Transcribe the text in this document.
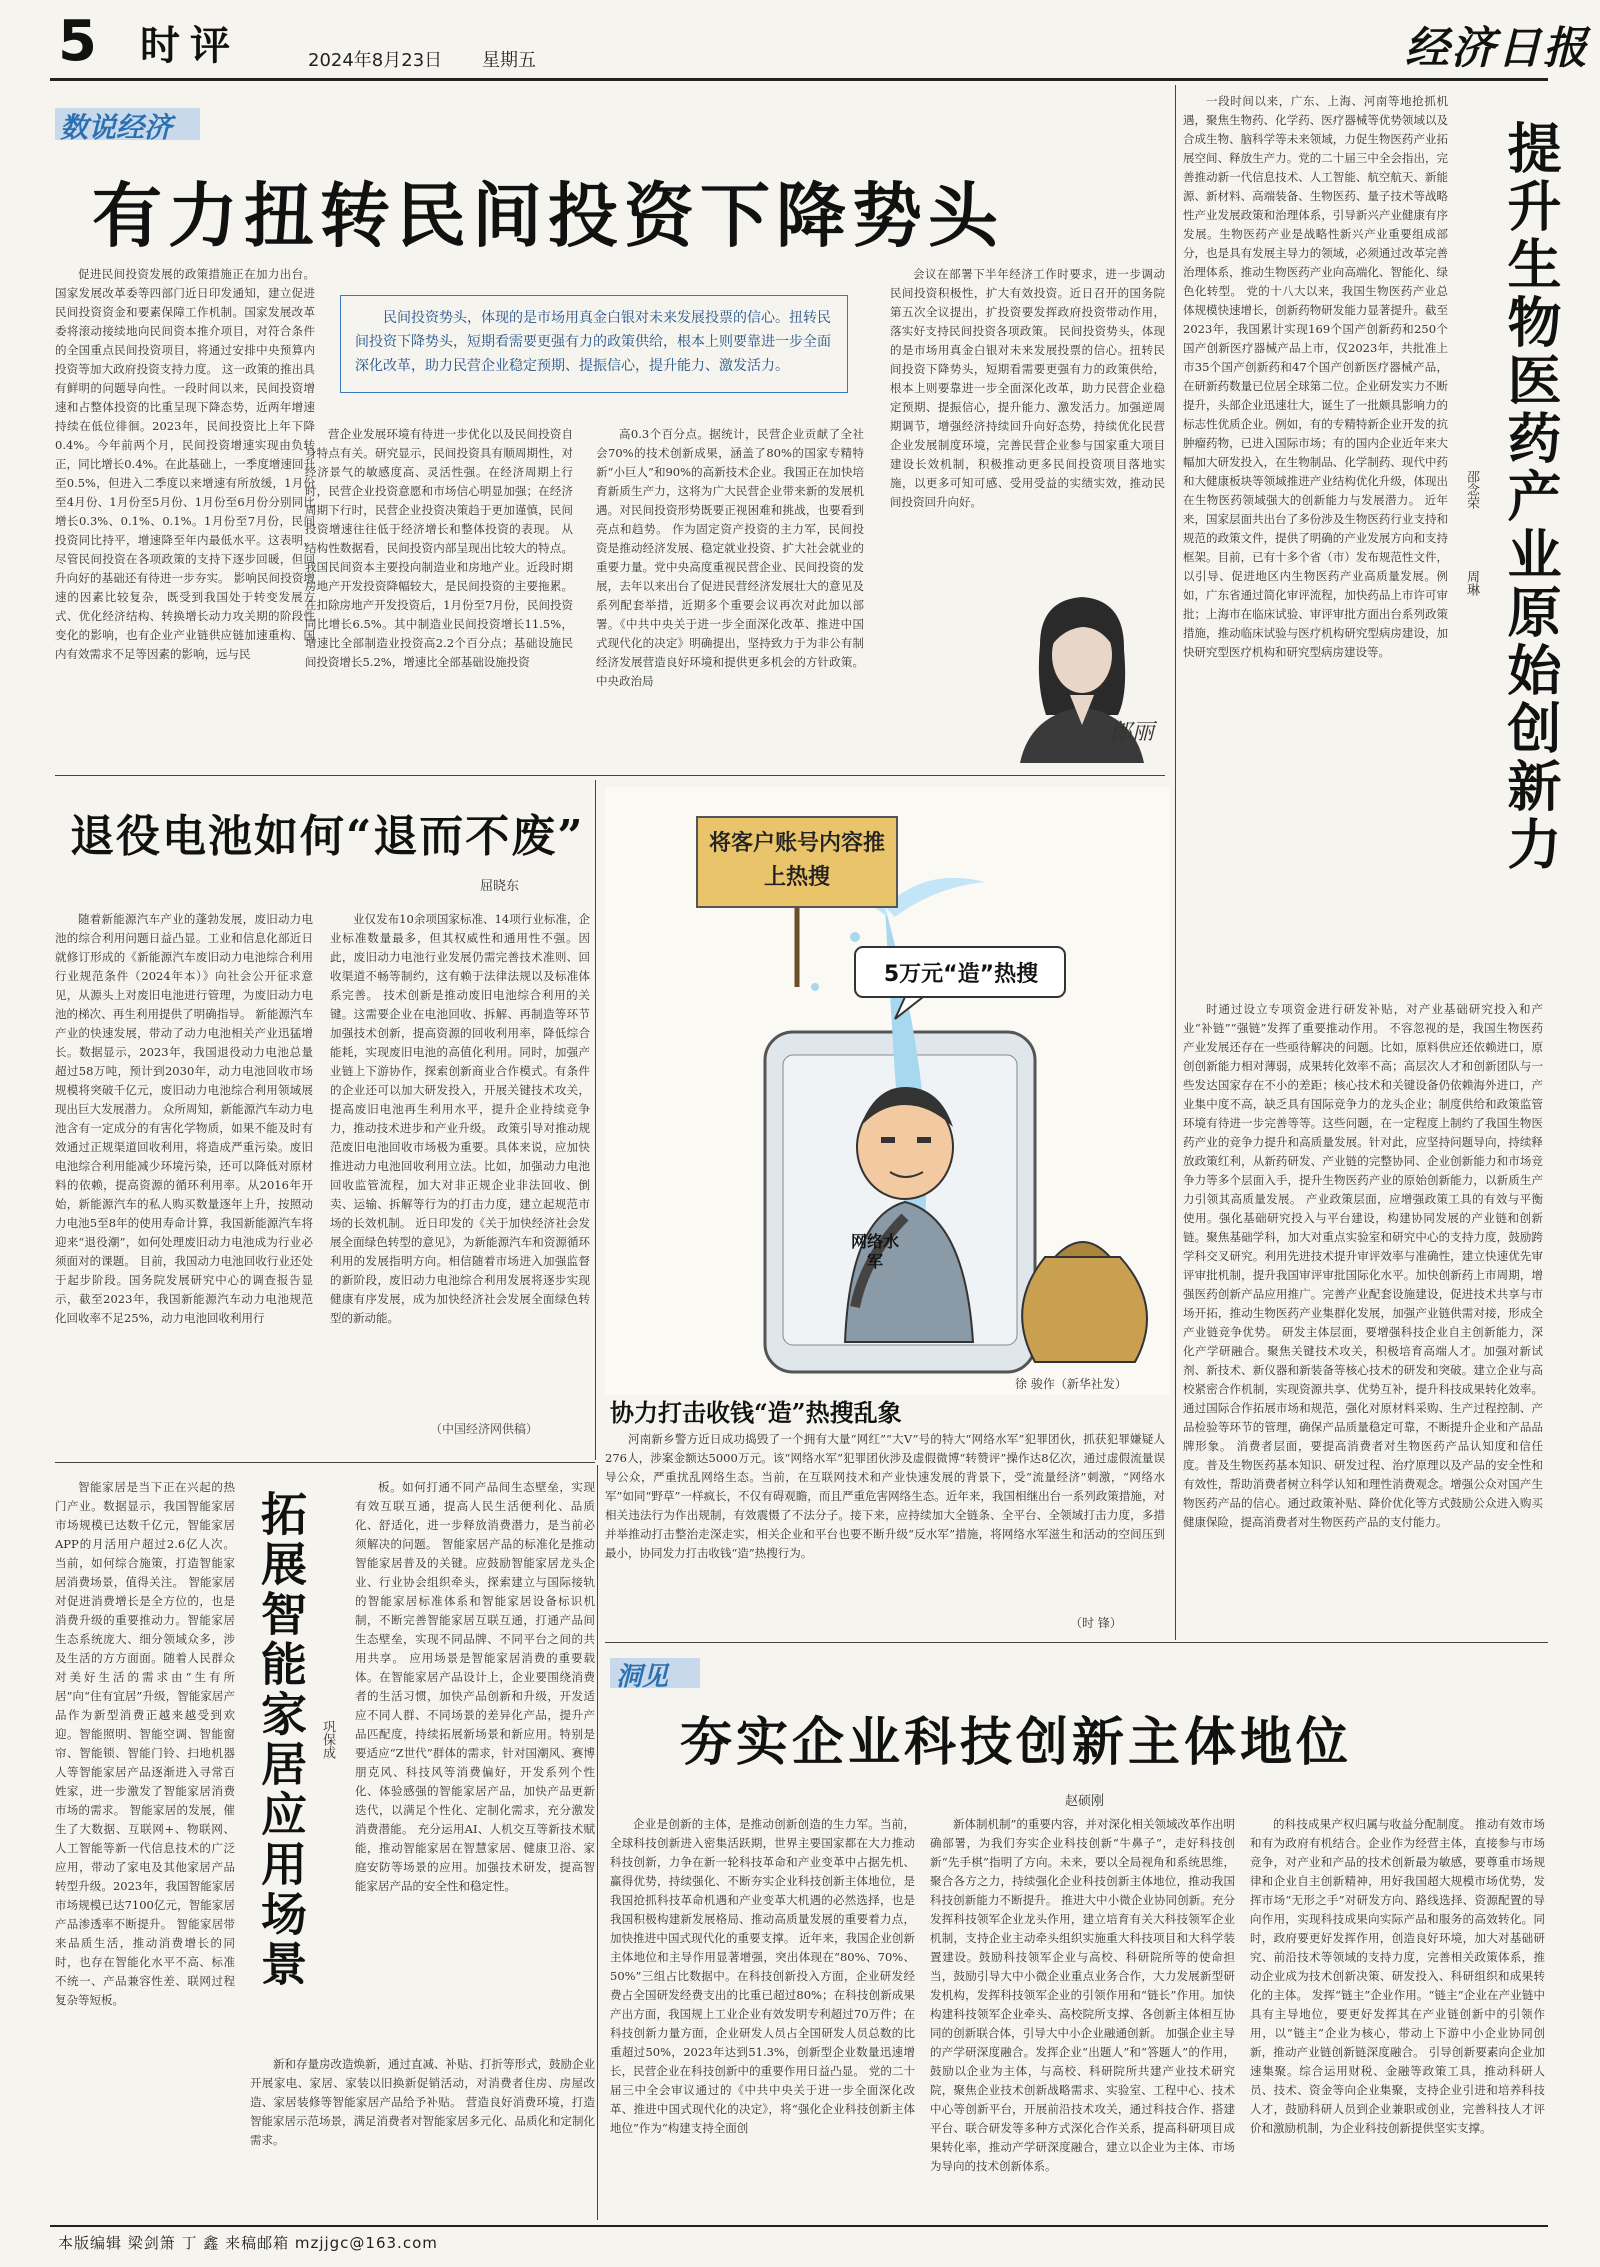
5 时评	2024年8月23日 星期五	经济日报
数说经济
有力扭转民间投资下降势头

促进民间投资发展的政策措施正在加力出台。国家发展改革委等四部门近日印发通知，建立促进民间投资资金和要素保障工作机制。国家发展改革委将滚动接续地向民间资本推介项目，对符合条件的全国重点民间投资项目，将通过安排中央预算内投资等加大政府投资支持力度。 这一政策的推出具有鲜明的问题导向性。一段时间以来，民间投资增速和占整体投资的比重呈现下降态势，近两年增速持续在低位徘徊。2023年，民间投资比上年下降0.4%。今年前两个月，民间投资增速实现由负转正，同比增长0.4%。在此基础上，一季度增速回升至0.5%，但进入二季度以来增速有所放缓，1月份至4月份、1月份至5月份、1月份至6月份分别同比增长0.3%、0.1%、0.1%。1月份至7月份，民间投资同比持平，增速降至年内最低水平。这表明，尽管民间投资在各项政策的支持下逐步回暖，但回升向好的基础还有待进一步夯实。 影响民间投资增速的因素比较复杂，既受到我国处于转变发展方式、优化经济结构、转换增长动力攻关期的阶段性变化的影响，也有企业产业链供应链加速重构、国内有效需求不足等因素的影响，远与民

民间投资势头，体现的是市场用真金白银对未来发展投票的信心。扭转民间投资下降势头，短期看需要更强有力的政策供给，根本上则要靠进一步全面深化改革，助力民营企业稳定预期、提振信心，提升能力、激发活力。

营企业发展环境有待进一步优化以及民间投资自身特点有关。研究显示，民间投资具有顺周期性，对经济景气的敏感度高、灵活性强。在经济周期上行时，民营企业投资意愿和市场信心明显加强；在经济周期下行时，民营企业投资决策趋于更加谨慎，民间投资增速往往低于经济增长和整体投资的表现。 从结构性数据看，民间投资内部呈现出比较大的特点。我国民间资本主要投向制造业和房地产业。近段时期房地产开发投资降幅较大，是民间投资的主要拖累。在扣除房地产开发投资后，1月份至7月份，民间投资同比增长6.5%。其中制造业民间投资增长11.5%，增速比全部制造业投资高2.2个百分点；基础设施民间投资增长5.2%，增速比全部基础设施投资

高0.3个百分点。据统计，民营企业贡献了全社会70%的技术创新成果，涵盖了80%的国家专精特新“小巨人”和90%的高新技术企业。我国正在加快培育新质生产力，这将为广大民营企业带来新的发展机遇。对民间投资形势既要正视困难和挑战，也要看到亮点和趋势。 作为固定资产投资的主力军，民间投资是推动经济发展、稳定就业投资、扩大社会就业的重要力量。党中央高度重视民营企业、民间投资的发展，去年以来出台了促进民营经济发展壮大的意见及系列配套举措，近期多个重要会议再次对此加以部署。《中共中央关于进一步全面深化改革、推进中国式现代化的决定》明确提出，坚持致力于为非公有制经济发展营造良好环境和提供更多机会的方针政策。中央政治局

会议在部署下半年经济工作时要求，进一步调动民间投资积极性，扩大有效投资。近日召开的国务院第五次全议提出，扩投资要发挥政府投资带动作用，落实好支持民间投资各项政策。 民间投资势头，体现的是市场用真金白银对未来发展投票的信心。扭转民间投资下降势头，短期看需要更强有力的政策供给，根本上则要靠进一步全面深化改革，助力民营企业稳定预期、提振信心，提升能力、激发活力。加强逆周期调节，增强经济持续回升向好态势，持续优化民营企业发展制度环境，完善民营企业参与国家重大项目建设长效机制，积极推动更多民间投资项目落地实施，以更多可知可感、受用受益的实绩实效，推动民间投资回升向好。

郎丽
退役电池如何“退而不废”
屈晓东

随着新能源汽车产业的蓬勃发展，废旧动力电池的综合利用问题日益凸显。工业和信息化部近日就修订形成的《新能源汽车废旧动力电池综合利用行业规范条件（2024年本）》向社会公开征求意见，从源头上对废旧电池进行管理，为废旧动力电池的梯次、再生利用提供了明确指导。 新能源汽车产业的快速发展，带动了动力电池相关产业迅猛增长。数据显示，2023年，我国退役动力电池总量超过58万吨，预计到2030年，动力电池回收市场规模将突破千亿元，废旧动力电池综合利用领域展现出巨大发展潜力。 众所周知，新能源汽车动力电池含有一定成分的有害化学物质，如果不能及时有效通过正规渠道回收利用，将造成严重污染。废旧电池综合利用能减少环境污染，还可以降低对原材料的依赖，提高资源的循环利用率。从2016年开始，新能源汽车的私人购买数量逐年上升，按照动力电池5至8年的使用寿命计算，我国新能源汽车将迎来“退役潮”，如何处理废旧动力电池成为行业必须面对的课题。 目前，我国动力电池回收行业还处于起步阶段。国务院发展研究中心的调查报告显示，截至2023年，我国新能源汽车动力电池规范化回收率不足25%，动力电池回收利用行

业仅发布10余项国家标准、14项行业标准，企业标准数量最多，但其权威性和通用性不强。因此，废旧动力电池行业发展仍需完善技术准则、回收渠道不畅等制约，这有赖于法律法规以及标准体系完善。 技术创新是推动废旧电池综合利用的关键。这需要企业在电池回收、拆解、再制造等环节加强技术创新，提高资源的回收利用率，降低综合能耗，实现废旧电池的高值化利用。同时，加强产业链上下游协作，探索创新商业合作模式。有条件的企业还可以加大研发投入，开展关键技术攻关，提高废旧电池再生利用水平，提升企业持续竞争力，推动技术进步和产业升级。 政策引导对推动规范废旧电池回收市场极为重要。具体来说，应加快推进动力电池回收利用立法。比如，加强动力电池回收监管流程，加大对非正规企业非法回收、倒卖、运输、拆解等行为的打击力度，建立起规范市场的长效机制。 近日印发的《关于加快经济社会发展全面绿色转型的意见》，为新能源汽车和资源循环利用的发展指明方向。相信随着市场进入加强监督的新阶段，废旧动力电池综合利用发展将逐步实现健康有序发展，成为加快经济社会发展全面绿色转型的新动能。

（中国经济网供稿）
将客户账号内容推上热搜
5万元“造”热搜
网络水军
徐 骏作（新华社发）
协力打击收钱“造”热搜乱象

河南新乡警方近日成功捣毁了一个拥有大量“网红”“大V”号的特大“网络水军”犯罪团伙，抓获犯罪嫌疑人276人，涉案金额达5000万元。该“网络水军”犯罪团伙涉及虚假微博“转赞评”操作达8亿次，通过虚假流量误导公众，严重扰乱网络生态。当前，在互联网技术和产业快速发展的背景下，受“流量经济”刺激，“网络水军”如同“野草”一样疯长，不仅有碍观瞻，而且严重危害网络生态。近年来，我国相继出台一系列政策措施，对相关违法行为作出规制，有效震慑了不法分子。接下来，应持续加大全链条、全平台、全领域打击力度，多措并举推动打击整治走深走实，相关企业和平台也要不断升级“反水军”措施，将网络水军滋生和活动的空间压到最小，协同发力打击收钱“造”热搜行为。

（时 锋）

一段时间以来，广东、上海、河南等地抢抓机遇，聚焦生物药、化学药、医疗器械等优势领域以及合成生物、脑科学等未来领域，力促生物医药产业拓展空间、释放生产力。党的二十届三中全会指出，完善推动新一代信息技术、人工智能、航空航天、新能源、新材料、高端装备、生物医药、量子技术等战略性产业发展政策和治理体系，引导新兴产业健康有序发展。生物医药产业是战略性新兴产业重要组成部分，也是具有发展主导力的领域，必须通过改革完善治理体系，推动生物医药产业向高端化、智能化、绿色化转型。 党的十八大以来，我国生物医药产业总体规模快速增长，创新药物研发能力显著提升。截至2023年，我国累计实现169个国产创新药和250个国产创新医疗器械产品上市，仅2023年，共批准上市35个国产创新药和47个国产创新医疗器械产品，在研新药数量已位居全球第二位。企业研发实力不断提升，头部企业迅速壮大，诞生了一批颇具影响力的标志性优质企业。例如，有的专精特新企业开发的抗肿瘤药物，已进入国际市场；有的国内企业近年来大幅加大研发投入，在生物制品、化学制药、现代中药和大健康板块等领域推进产业结构优化升级，体现出在生物医药领域强大的创新能力与发展潜力。 近年来，国家层面共出台了多份涉及生物医药行业支持和规范的政策文件，提供了明确的产业发展方向和支持框架。目前，已有十多个省（市）发布规范性文件，以引导、促进地区内生物医药产业高质量发展。例如，广东省通过简化审评流程，加快药品上市许可审批；上海市在临床试验、审评审批方面出台系列政策措施，推动临床试验与医疗机构研究型病房建设，加快研究型医疗机构和研究型病房建设等。	提升生物医药产业原始创新力
邵念荣
周琳

时通过设立专项资金进行研发补贴，对产业基础研究投入和产业“补链”“强链”发挥了重要推动作用。 不容忽视的是，我国生物医药产业发展还存在一些亟待解决的问题。比如，原料供应还依赖进口，原创创新能力相对薄弱，成果转化效率不高；高层次人才和创新团队与一些发达国家存在不小的差距；核心技术和关键设备仍依赖海外进口，产业集中度不高，缺乏具有国际竞争力的龙头企业；制度供给和政策监管环境有待进一步完善等等。这些问题，在一定程度上制约了我国生物医药产业的竞争力提升和高质量发展。针对此，应坚持问题导向，持续释放政策红利，从新药研发、产业链的完整协同、企业创新能力和市场竞争力等多个层面入手，提升生物医药产业的原始创新能力，以新质生产力引领其高质量发展。 产业政策层面，应增强政策工具的有效与平衡使用。强化基础研究投入与平台建设，构建协同发展的产业链和创新链。聚焦基础学科，加大对重点实验室和研究中心的支持力度，鼓励跨学科交叉研究。利用先进技术提升审评效率与准确性，建立快速优先审评审批机制，提升我国审评审批国际化水平。加快创新药上市周期，增强医药创新产品应用推广。完善产业配套设施建设，促进技术共享与市场开拓，推动生物医药产业集群化发展，加强产业链供需对接，形成全产业链竞争优势。 研发主体层面，要增强科技企业自主创新能力，深化产学研融合。聚焦关键技术攻关，积极培育高端人才。加强对新试剂、新技术、新仪器和新装备等核心技术的研发和突破。建立企业与高校紧密合作机制，实现资源共享、优势互补，提升科技成果转化效率。通过国际合作拓展市场和规范，强化对原材料采购、生产过程控制、产品检验等环节的管理，确保产品质量稳定可靠，不断提升企业和产品品牌形象。 消费者层面，要提高消费者对生物医药产品认知度和信任度。普及生物医药基本知识、研发过程、治疗原理以及产品的安全性和有效性，帮助消费者树立科学认知和理性消费观念。增强公众对国产生物医药产品的信心。通过政策补贴、降价优化等方式鼓励公众进入购买健康保险，提高消费者对生物医药产品的支付能力。

智能家居是当下正在兴起的热门产业。数据显示，我国智能家居市场规模已达数千亿元，智能家居APP的月活用户超过2.6亿人次。当前，如何综合施策，打造智能家居消费场景，值得关注。 智能家居对促进消费增长是全方位的，也是消费升级的重要推动力。智能家居生态系统庞大、细分领域众多，涉及生活的方方面面。随着人民群众对美好生活的需求由“生有所居”向“住有宜居”升级，智能家居产品作为新型消费正越来越受到欢迎。智能照明、智能空调、智能窗帘、智能锁、智能门铃、扫地机器人等智能家居产品逐渐进入寻常百姓家，进一步激发了智能家居消费市场的需求。 智能家居的发展，催生了大数据、互联网+、物联网、人工智能等新一代信息技术的广泛应用，带动了家电及其他家居产品转型升级。2023年，我国智能家居市场规模已达7100亿元，智能家居产品渗透率不断提升。 智能家居带来品质生活，推动消费增长的同时，也存在智能化水平不高、标准不统一、产品兼容性差、联网过程复杂等短板。

拓展智能家居应用场景 巩保成

板。如何打通不同产品间生态壁垒，实现有效互联互通，提高人民生活便利化、品质化、舒适化，进一步释放消费潜力，是当前必须解决的问题。 智能家居产品的标准化是推动智能家居普及的关键。应鼓励智能家居龙头企业、行业协会组织牵头，探索建立与国际接轨的智能家居标准体系和智能家居设备标识机制，不断完善智能家居互联互通，打通产品间生态壁垒，实现不同品牌、不同平台之间的共用共享。 应用场景是智能家居消费的重要载体。在智能家居产品设计上，企业要围绕消费者的生活习惯，加快产品创新和升级，开发适应不同人群、不同场景的差异化产品，提升产品匹配度，持续拓展新场景和新应用。特别是要适应“Z世代”群体的需求，针对国潮风、赛博朋克风、科技风等消费偏好，开发系列个性化、体验感强的智能家居产品，加快产品更新迭代，以满足个性化、定制化需求，充分激发消费潜能。 充分运用AI、人机交互等新技术赋能，推动智能家居在智慧家居、健康卫浴、家庭安防等场景的应用。加强技术研发，提高智能家居产品的安全性和稳定性。

新和存量房改造焕新，通过直减、补贴、打折等形式，鼓励企业开展家电、家居、家装以旧换新促销活动，对消费者住房、房屋改造、家居装修等智能家居产品给予补贴。 营造良好消费环境，打造智能家居示范场景，满足消费者对智能家居多元化、品质化和定制化需求。

洞见
夯实企业科技创新主体地位
赵硕刚

企业是创新的主体，是推动创新创造的生力军。当前，全球科技创新进入密集活跃期，世界主要国家都在大力推动科技创新，力争在新一轮科技革命和产业变革中占据先机、赢得优势，持续强化、不断夯实企业科技创新主体地位，是我国抢抓科技革命机遇和产业变革大机遇的必然选择，也是我国积极构建新发展格局、推动高质量发展的重要着力点，加快推进中国式现代化的重要支撑。 近年来，我国企业创新主体地位和主导作用显著增强，突出体现在“80%、70%、50%”三组占比数据中。在科技创新投入方面，企业研发经费占全国研发经费支出的比重已超过80%；在科技创新成果产出方面，我国规上工业企业有效发明专利超过70万件；在科技创新力量方面，企业研发人员占全国研发人员总数的比重超过50%，2023年达到51.3%，创新型企业数量迅速增长，民营企业在科技创新中的重要作用日益凸显。 党的二十届三中全会审议通过的《中共中央关于进一步全面深化改革、推进中国式现代化的决定》，将“强化企业科技创新主体地位”作为“构建支持全面创

新体制机制”的重要内容，并对深化相关领域改革作出明确部署，为我们夯实企业科技创新“牛鼻子”，走好科技创新“先手棋”指明了方向。未来，要以全局视角和系统思维，聚合各方之力，持续强化企业科技创新主体地位，推动我国科技创新能力不断提升。 推进大中小微企业协同创新。充分发挥科技领军企业龙头作用，建立培育有关大科技领军企业机制，支持企业主动牵头组织实施重大科技项目和大科学装置建设。鼓励科技领军企业与高校、科研院所等的使命担当，鼓励引导大中小微企业重点业务合作，大力发展新型研发机构，发挥科技领军企业的引领作用和“链长”作用。加快构建科技领军企业牵头、高校院所支撑、各创新主体相互协同的创新联合体，引导大中小企业融通创新。 加强企业主导的产学研深度融合。发挥企业“出题人”和“答题人”的作用，鼓励以企业为主体，与高校、科研院所共建产业技术研究院，聚焦企业技术创新战略需求、实验室、工程中心、技术中心等创新平台，开展前沿技术攻关，通过科技合作、搭建平台、联合研发等多种方式深化合作关系，提高科研项目成果转化率，推动产学研深度融合，建立以企业为主体、市场为导向的技术创新体系。

的科技成果产权归属与收益分配制度。 推动有效市场和有为政府有机结合。企业作为经营主体，直接参与市场竞争，对产业和产品的技术创新最为敏感，要尊重市场规律和企业自主创新精神，用好我国超大规模市场优势，发挥市场“无形之手”对研发方向、路线选择、资源配置的导向作用，实现科技成果向实际产品和服务的高效转化。同时，政府要更好发挥作用，创造良好环境，加大对基础研究、前沿技术等领域的支持力度，完善相关政策体系，推动企业成为技术创新决策、研发投入、科研组织和成果转化的主体。 发挥“链主”企业作用。“链主”企业在产业链中具有主导地位，要更好发挥其在产业链创新中的引领作用，以“链主”企业为核心，带动上下游中小企业协同创新，推动产业链创新链深度融合。 引导创新要素向企业加速集聚。综合运用财税、金融等政策工具，推动科研人员、技术、资金等向企业集聚，支持企业引进和培养科技人才，鼓励科研人员到企业兼职或创业，完善科技人才评价和激励机制，为企业科技创新提供坚实支撑。

本版编辑 梁剑箫 丁 鑫 来稿邮箱 mzjjgc@163.com
